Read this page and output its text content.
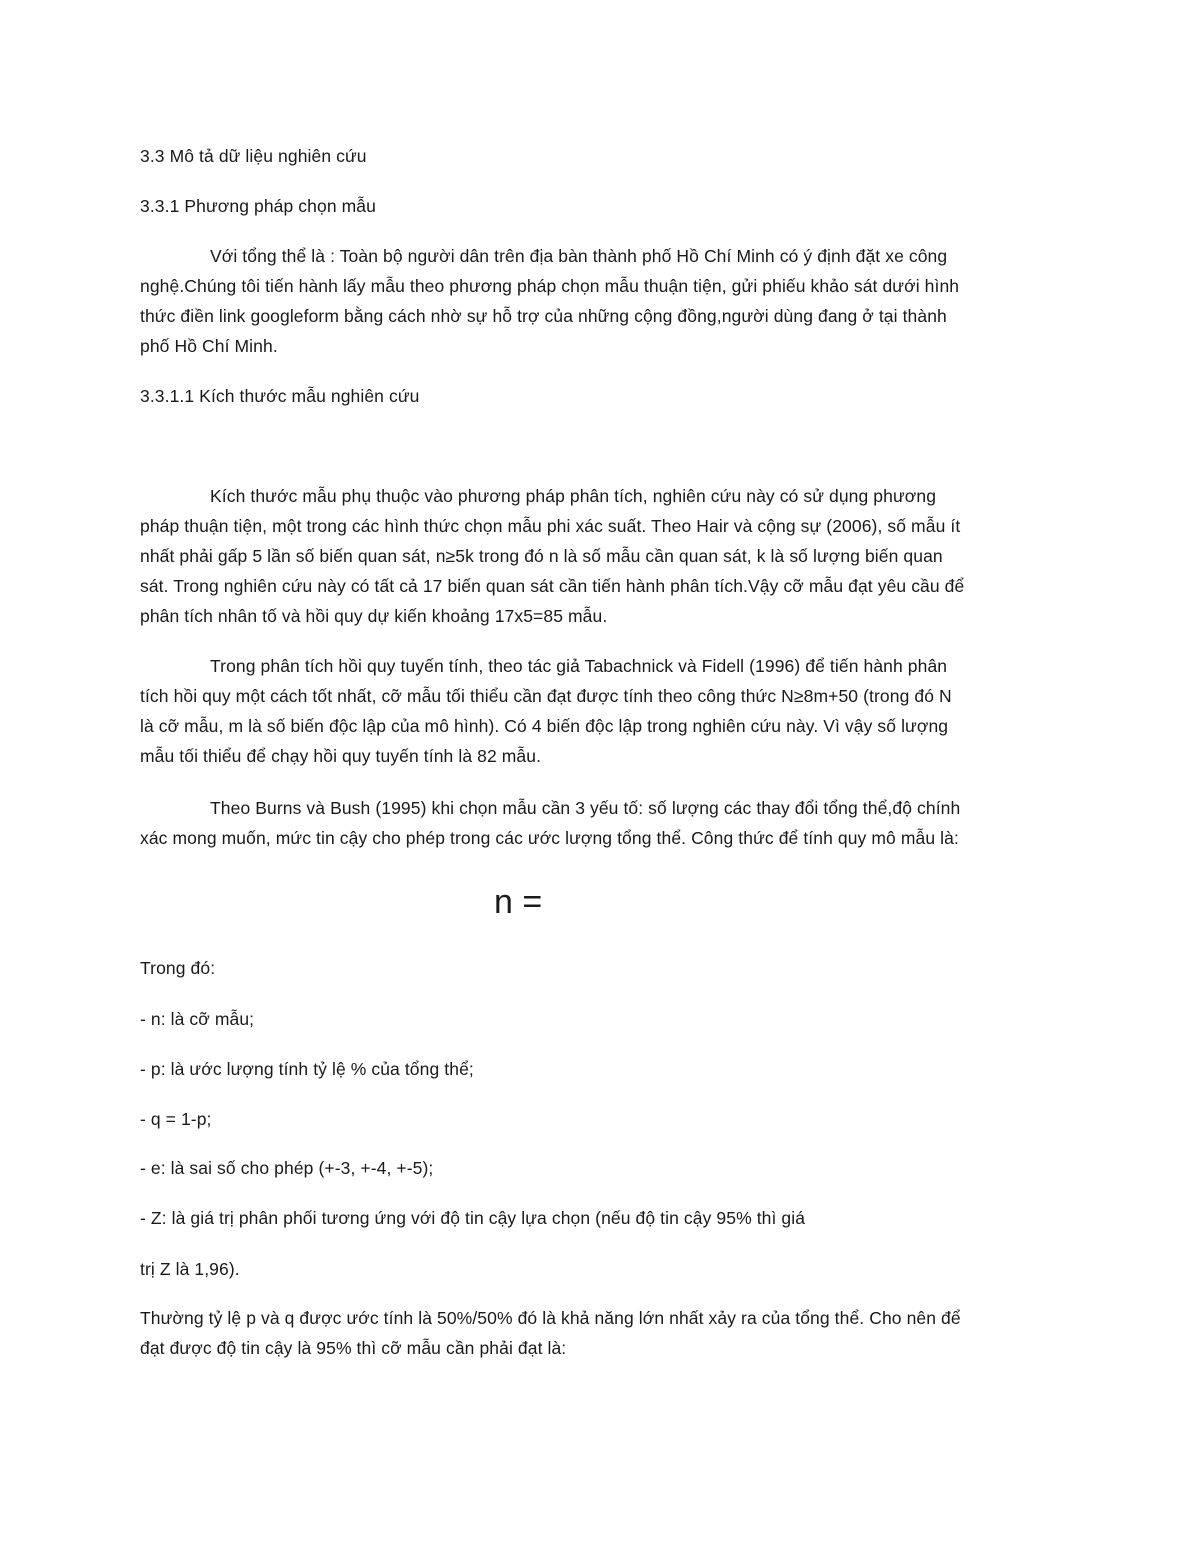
3.3 Mô tả dữ liệu nghiên cứu
3.3.1 Phương pháp chọn mẫu
Với tổng thể là : Toàn bộ người dân trên địa bàn thành phố Hồ Chí Minh có ý định đặt xe công
nghệ.Chúng tôi tiến hành lấy mẫu theo phương pháp chọn mẫu thuận tiện, gửi phiếu khảo sát dưới hình
thức điền link googleform bằng cách nhờ sự hỗ trợ của những cộng đồng,người dùng đang ở tại thành
phố Hồ Chí Minh.
3.3.1.1 Kích thước mẫu nghiên cứu
Kích thước mẫu phụ thuộc vào phương pháp phân tích, nghiên cứu này có sử dụng phương
pháp thuận tiện, một trong các hình thức chọn mẫu phi xác suất. Theo Hair và cộng sự (2006), số mẫu ít
nhất phải gấp 5 lần số biến quan sát, n≥5k trong đó n là số mẫu cần quan sát, k là số lượng biến quan
sát. Trong nghiên cứu này có tất cả 17 biến quan sát cần tiến hành phân tích.Vậy cỡ mẫu đạt yêu cầu để
phân tích nhân tố và hồi quy dự kiến khoảng 17x5=85 mẫu.
Trong phân tích hồi quy tuyến tính, theo tác giả Tabachnick và Fidell (1996) để tiến hành phân
tích hồi quy một cách tốt nhất, cỡ mẫu tối thiểu cần đạt được tính theo công thức N≥8m+50 (trong đó N
là cỡ mẫu, m là số biến độc lập của mô hình). Có 4 biến độc lập trong nghiên cứu này. Vì vậy số lượng
mẫu tối thiểu để chạy hồi quy tuyến tính là 82 mẫu.
Theo Burns và Bush (1995) khi chọn mẫu cần 3 yếu tố: số lượng các thay đổi tổng thể,độ chính
xác mong muốn, mức tin cậy cho phép trong các ước lượng tổng thể. Công thức để tính quy mô mẫu là:
n =
Trong đó:
- n: là cỡ mẫu;
- p: là ước lượng tính tỷ lệ % của tổng thể;
- q = 1-p;
- e: là sai số cho phép (+-3, +-4, +-5);
- Z: là giá trị phân phối tương ứng với độ tin cậy lựa chọn (nếu độ tin cậy 95% thì giá
trị Z là 1,96).
Thường tỷ lệ p và q được ước tính là 50%/50% đó là khả năng lớn nhất xảy ra của tổng thể. Cho nên để
đạt được độ tin cậy là 95% thì cỡ mẫu cần phải đạt là:
